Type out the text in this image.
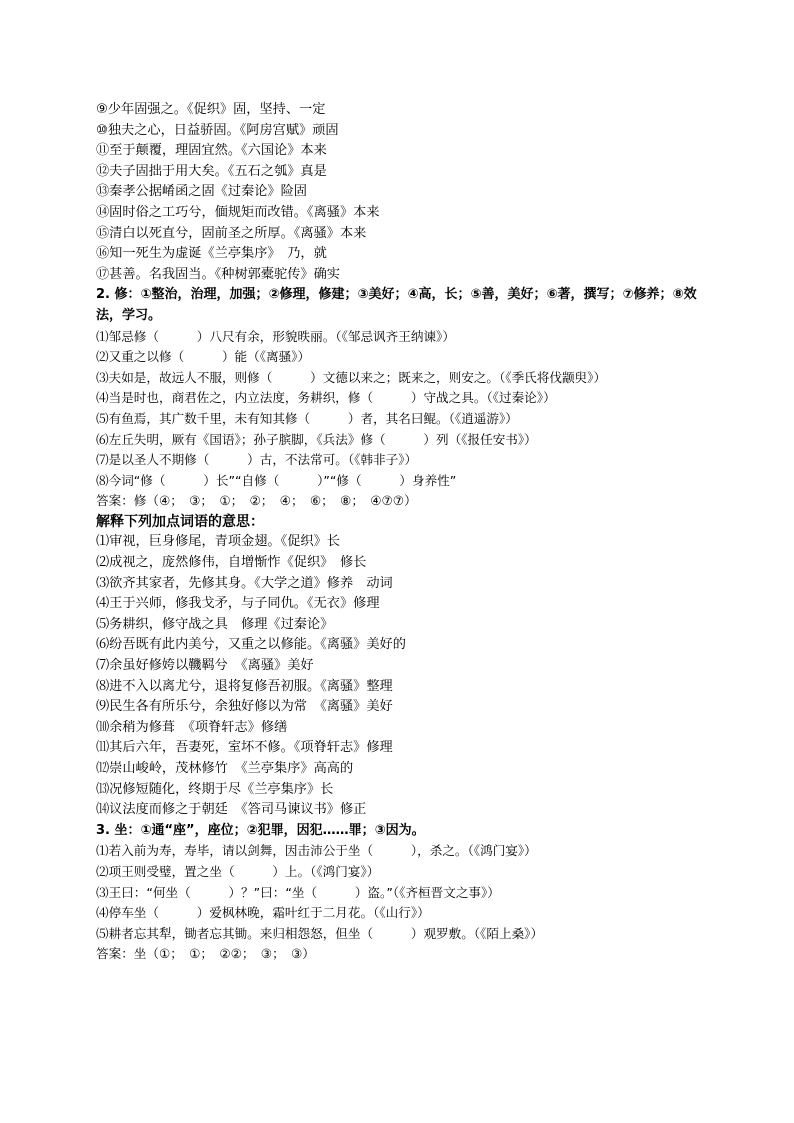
⑨少年固强之。《促织》固，坚持、一定
⑩独夫之心，日益骄固。《阿房宫赋》顽固
⑪至于颠覆，理固宜然。《六国论》本来
⑫夫子固拙于用大矣。《五石之瓠》真是
⑬秦孝公据崤函之固《过秦论》险固
⑭固时俗之工巧兮，偭规矩而改错。《离骚》本来
⑮清白以死直兮，固前圣之所厚。《离骚》本来
⑯知一死生为虚诞《兰亭集序》　乃，就
⑰甚善。名我固当。《种树郭橐驼传》确实
2. 修：①整治，治理，加强；②修理，修建；③美好；④高，长；⑤善，美好；⑥著，撰写；⑦修养；⑧效法，学习。
⑴邹忌修（　　　）八尺有余，形貌昳丽。（《邹忌讽齐王纳谏》）
⑵又重之以修（　　　）能（《离骚》）
⑶夫如是，故远人不服，则修（　　　）文德以来之；既来之，则安之。（《季氏将伐颛臾》）
⑷当是时也，商君佐之，内立法度，务耕织，修（　　　）守战之具。（《过秦论》）
⑸有鱼焉，其广数千里，未有知其修（　　　）者，其名曰鲲。（《逍遥游》）
⑹左丘失明，厥有《国语》；孙子膑脚，《兵法》修（　　　）列（《报任安书》）
⑺是以圣人不期修（　　　）古，不法常可。（《韩非子》）
⑻今词“修（　　　）长”“自修（　　　）”“修（　　　）身养性”
答案：修（④；　③；　①；　②；　④；　⑥；　⑧；　④⑦⑦）
解释下列加点词语的意思：
⑴审视，巨身修尾，青项金翅。《促织》长
⑵成视之，庞然修伟，自增惭怍《促织》　修长
⑶欲齐其家者，先修其身。《大学之道》修养　动词
⑷王于兴师，修我戈矛，与子同仇。《无衣》修理
⑸务耕织，修守战之具　修理《过秦论》
⑹纷吾既有此内美兮，又重之以修能。《离骚》美好的
⑺余虽好修姱以鞿羁兮　《离骚》美好
⑻进不入以离尤兮，退将复修吾初服。《离骚》整理
⑼民生各有所乐兮，余独好修以为常　《离骚》美好
⑽余稍为修葺　《项脊轩志》修缮
⑾其后六年，吾妻死，室坏不修。《项脊轩志》修理
⑿崇山峻岭，茂林修竹　《兰亭集序》高高的
⒀况修短随化，终期于尽《兰亭集序》长
⒁议法度而修之于朝廷　《答司马谏议书》修正
3. 坐：①通“座”，座位；②犯罪，因犯……罪；③因为。
⑴若入前为寿，寿毕，请以剑舞，因击沛公于坐（　　　），杀之。（《鸿门宴》）
⑵项王则受璧，置之坐（　　　）上。（《鸿门宴》）
⑶王曰：“何坐（　　　）？”曰：“坐（　　　）盗。”（《齐桓晋文之事》）
⑷停车坐（　　　）爱枫林晚，霜叶红于二月花。（《山行》）
⑸耕者忘其犁，锄者忘其锄。来归相怨怒，但坐（　　　）观罗敷。（《陌上桑》）
答案：坐（①；　①；　②②；　③；　③）
